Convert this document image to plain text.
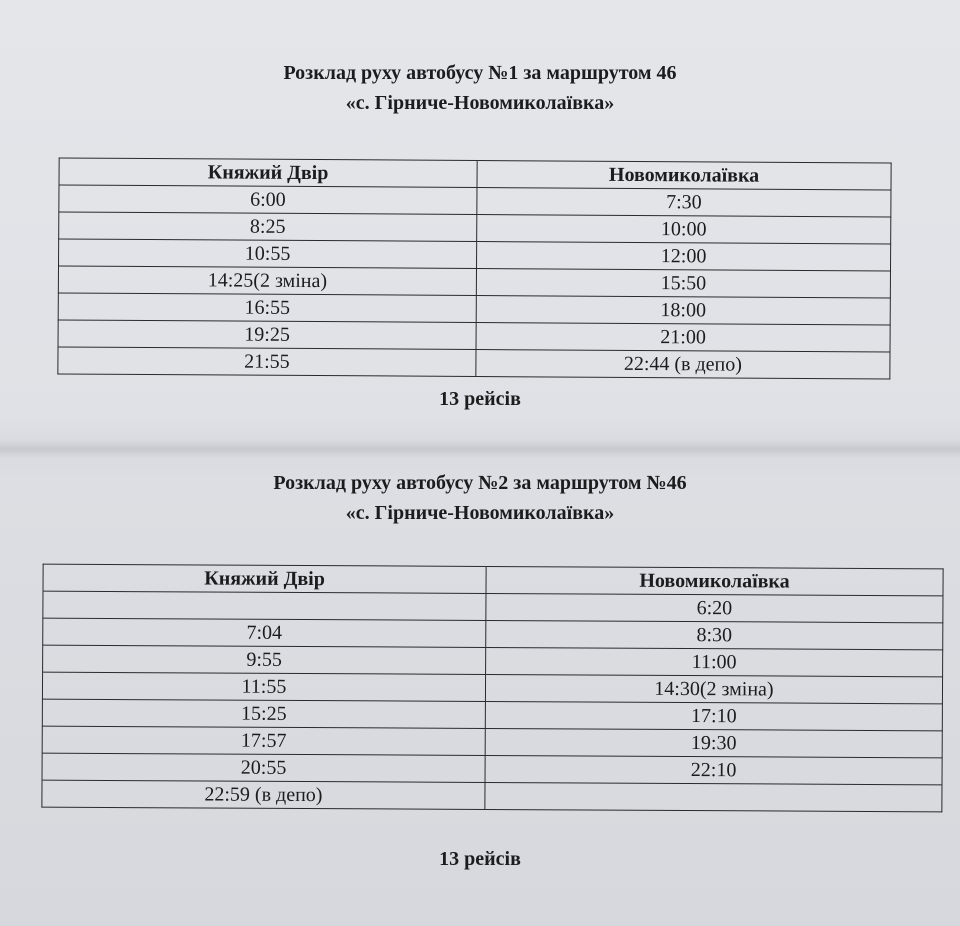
Розклад руху автобусу №1 за маршрутом 46
«с. Гірниче-Новомиколаївка»
Княжий Двір	Новомиколаївка
6:00	7:30
8:25	10:00
10:55	12:00
14:25(2 зміна)	15:50
16:55	18:00
19:25	21:00
21:55	22:44 (в депо)
13 рейсів
Розклад руху автобусу №2 за маршрутом №46
«с. Гірниче-Новомиколаївка»
Княжий Двір	Новомиколаївка
	6:20
7:04	8:30
9:55	11:00
11:55	14:30(2 зміна)
15:25	17:10
17:57	19:30
20:55	22:10
22:59 (в депо)	
13 рейсів
